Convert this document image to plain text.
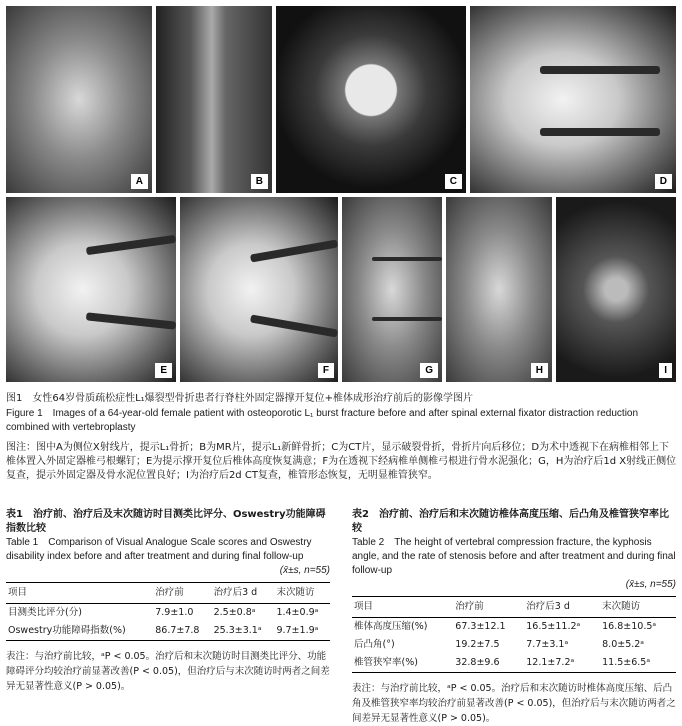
A	B	C	D
E	F	G	H	I
图1　女性64岁骨质疏松症性L₁爆裂型骨折患者行脊柱外固定器撑开复位+椎体成形治疗前后的影像学图片
Figure 1　Images of a 64-year-old female patient with osteoporotic L₁ burst fracture before and after spinal external fixator distraction reduction combined with vertebroplasty
图注：图中A为侧位X射线片，提示L₁骨折；B为MR片，提示L₁新鲜骨折；C为CT片，显示破裂骨折，骨折片向后移位；D为术中透视下在病椎相邻上下椎体置入外固定器椎弓根螺钉；E为提示撑开复位后椎体高度恢复满意；F为在透视下经病椎单侧椎弓根进行骨水泥强化；G，H为治疗后1d X射线正侧位复查，提示外固定器及骨水泥位置良好；I为治疗后2d CT复查，椎管形态恢复，无明显椎管狭窄。
表1　治疗前、治疗后及末次随访时目测类比评分、Oswestry功能障碍指数比较
Table 1　Comparison of Visual Analogue Scale scores and Oswestry disability index before and after treatment and during final follow-up
(x̄±s, n=55)
项目	治疗前	治疗后3 d	末次随访
目测类比评分(分)	7.9±1.0	2.5±0.8ᵃ	1.4±0.9ᵃ
Oswestry功能障碍指数(%)	86.7±7.8	25.3±3.1ᵃ	9.7±1.9ᵃ
表注：与治疗前比较，ᵃP < 0.05。治疗后和末次随访时目测类比评分、功能障碍评分均较治疗前显著改善(P < 0.05)，但治疗后与末次随访时两者之间差异无显著性意义(P > 0.05)。
表2　治疗前、治疗后和末次随访椎体高度压缩、后凸角及椎管狭窄率比较
Table 2　The height of vertebral compression fracture, the kyphosis angle, and the rate of stenosis before and after treatment and during final follow-up
(x̄±s, n=55)
项目	治疗前	治疗后3 d	末次随访
椎体高度压缩(%)	67.3±12.1	16.5±11.2ᵃ	16.8±10.5ᵃ
后凸角(°)	19.2±7.5	7.7±3.1ᵃ	8.0±5.2ᵃ
椎管狭窄率(%)	32.8±9.6	12.1±7.2ᵃ	11.5±6.5ᵃ
表注：与治疗前比较，ᵃP < 0.05。治疗后和末次随访时椎体高度压缩、后凸角及椎管狭窄率均较治疗前显著改善(P < 0.05)，但治疗后与末次随访两者之间差异无显著性意义(P > 0.05)。
